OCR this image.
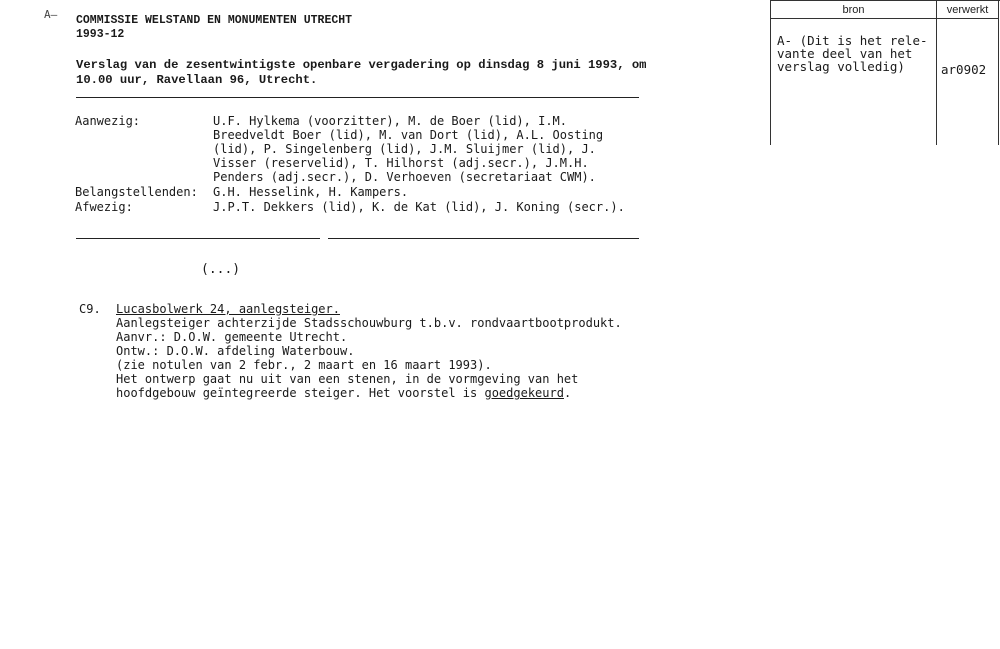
A— COMMISSIE WELSTAND EN MONUMENTEN UTRECHT
1993-12
Verslag van de zesentwintigste openbare vergadering op dinsdag 8 juni 1993, om
10.00 uur, Ravellaan 96, Utrecht.
Aanwezig:	U.F. Hylkema (voorzitter), M. de Boer (lid), I.M.
Breedveldt Boer (lid), M. van Dort (lid), A.L. Oosting
(lid), P. Singelenberg (lid), J.M. Sluijmer (lid), J.
Visser (reservelid), T. Hilhorst (adj.secr.), J.M.H.
Penders (adj.secr.), D. Verhoeven (secretariaat CWM).
Belangstellenden: G.H. Hesselink, H. Kampers.
Afwezig:	J.P.T. Dekkers (lid), K. de Kat (lid), J. Koning (secr.).
(...)
C9. Lucasbolwerk 24, aanlegsteiger.
Aanlegsteiger achterzijde Stadsschouwburg t.b.v. rondvaartbootprodukt.
Aanvr.: D.O.W. gemeente Utrecht.
Ontw.: D.O.W. afdeling Waterbouw.
(zie notulen van 2 febr., 2 maart en 16 maart 1993).
Het ontwerp gaat nu uit van een stenen, in de vormgeving van het
hoofdgebouw geïntegreerde steiger. Het voorstel is goedgekeurd.
bron	verwerkt
A- (Dit is het rele-
vante deel van het
verslag volledig)	ar0902
